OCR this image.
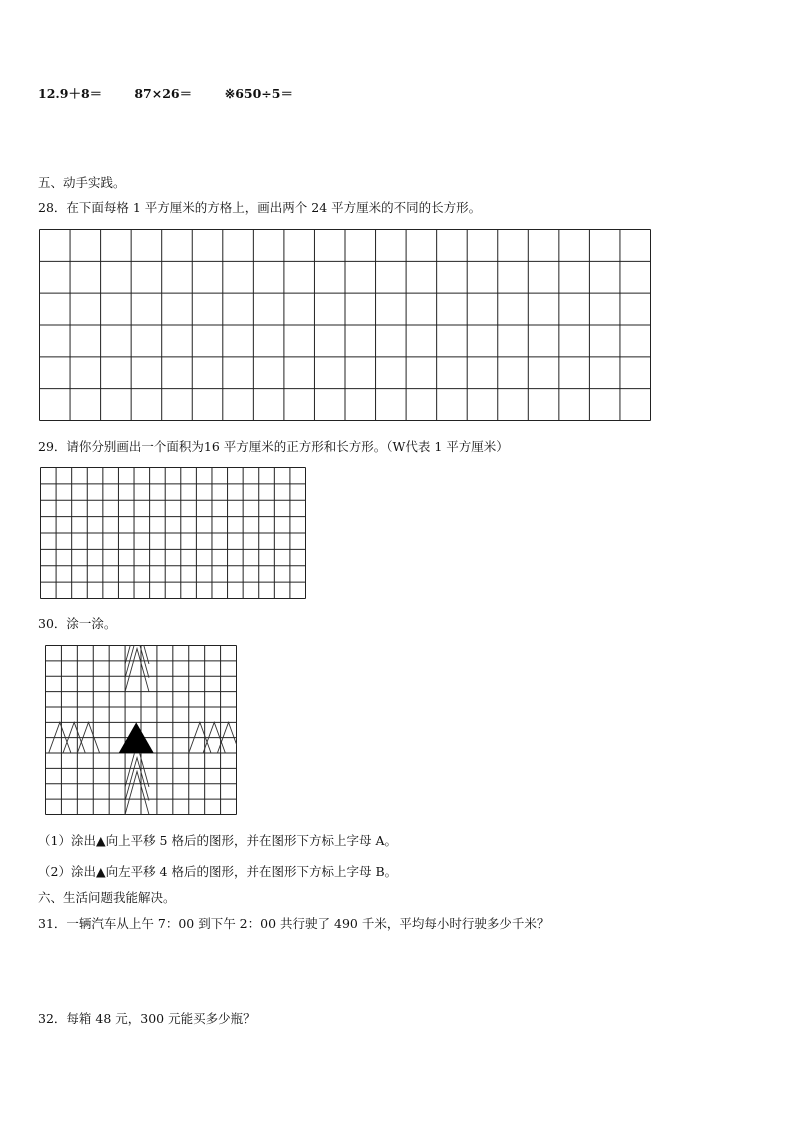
12.9＋8＝	87×26＝	※650÷5＝
五、动手实践。
28．在下面每格 1 平方厘米的方格上，画出两个 24 平方厘米的不同的长方形。
29．请你分别画出一个面积为16 平方厘米的正方形和长方形。（W代表 1 平方厘米）
30．涂一涂。
（1）涂出▲向上平移 5 格后的图形，并在图形下方标上字母 A。
（2）涂出▲向左平移 4 格后的图形，并在图形下方标上字母 B。
六、生活问题我能解决。
31．一辆汽车从上午 7：00 到下午 2：00 共行驶了 490 千米，平均每小时行驶多少千米？
32．每箱 48 元，300 元能买多少瓶？
